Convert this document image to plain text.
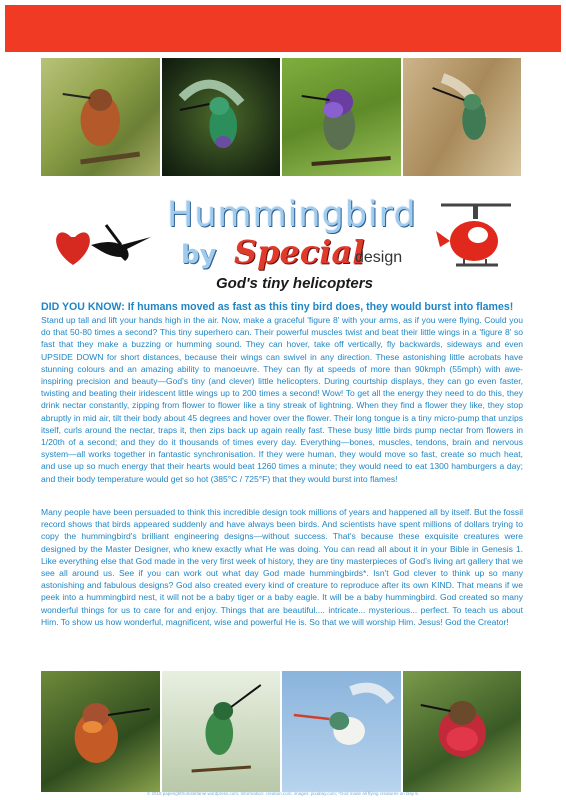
Hummingbird
by Special
design
God's tiny helicopters
DID YOU KNOW: If humans moved as fast as this tiny bird does, they would burst into flames!
Stand up tall and lift your hands high in the air. Now, make a graceful 'figure 8' with your arms, as if you were flying. Could you do that 50-80 times a second? This tiny superhero can. Their powerful muscles twist and beat their little wings in a 'figure 8' so fast that they make a buzzing or humming sound. They can hover, take off vertically, fly backwards, sideways and even UPSIDE DOWN for short distances, because their wings can swivel in any direction. These astonishing little acrobats have stunning colours and an amazing ability to manoeuvre. They can fly at speeds of more than 90kmph (55mph) with awe-inspiring precision and beauty—God's tiny (and clever) little helicopters. During courtship displays, they can go even faster, twisting and beating their iridescent little wings up to 200 times a second! Wow! To get all the energy they need to do this, they drink nectar constantly, zipping from flower to flower like a tiny streak of lightning. When they find a flower they like, they stop abruptly in mid air, tilt their body about 45 degrees and hover over the flower. Their long tongue is a tiny micro-pump that unzips itself, curls around the nectar, traps it, then zips back up again really fast. These busy little birds pump nectar from flowers in 1/20th of a second; and they do it thousands of times every day. Everything—bones, muscles, tendons, brain and nervous system—all works together in fantastic synchronisation. If they were human, they would move so fast, create so much heat, and use up so much energy that their hearts would beat 1260 times a minute; they would need to eat 1300 hamburgers a day; and their body temperature would get so hot (385°C / 725°F) that they would burst into flames!
Many people have been persuaded to think this incredible design took millions of years and happened all by itself. But the fossil record shows that birds appeared suddenly and have always been birds. And scientists have spent millions of dollars trying to copy the hummingbird's brilliant engineering designs—without success. That's because these exquisite creatures were designed by the Master Designer, who knew exactly what He was doing. You can read all about it in your Bible in Genesis 1. Like everything else that God made in the very first week of history, they are tiny masterpieces of God's living art gallery that we see all around us. See if you can work out what day God made hummingbirds*. Isn't God clever to think up so many astonishing and fabulous designs? God also created every kind of creature to reproduce after its own KIND. That means if we peek into a hummingbird nest, it will not be a baby tiger or a baby eagle. It will be a baby hummingbird. God created so many wonderful things for us to care for and enjoy. Things that are beautiful.... intricate... mysterious... perfect. To teach us about Him. To show us how wonderful, magnificent, wise and powerful He is. So that we will worship Him. Jesus! God the Creator!
© 2018 paperightfromstefanie.wordpress.com; Information: creation.com; images: pixabay.com; *God made all flying creatures on Day 5.
